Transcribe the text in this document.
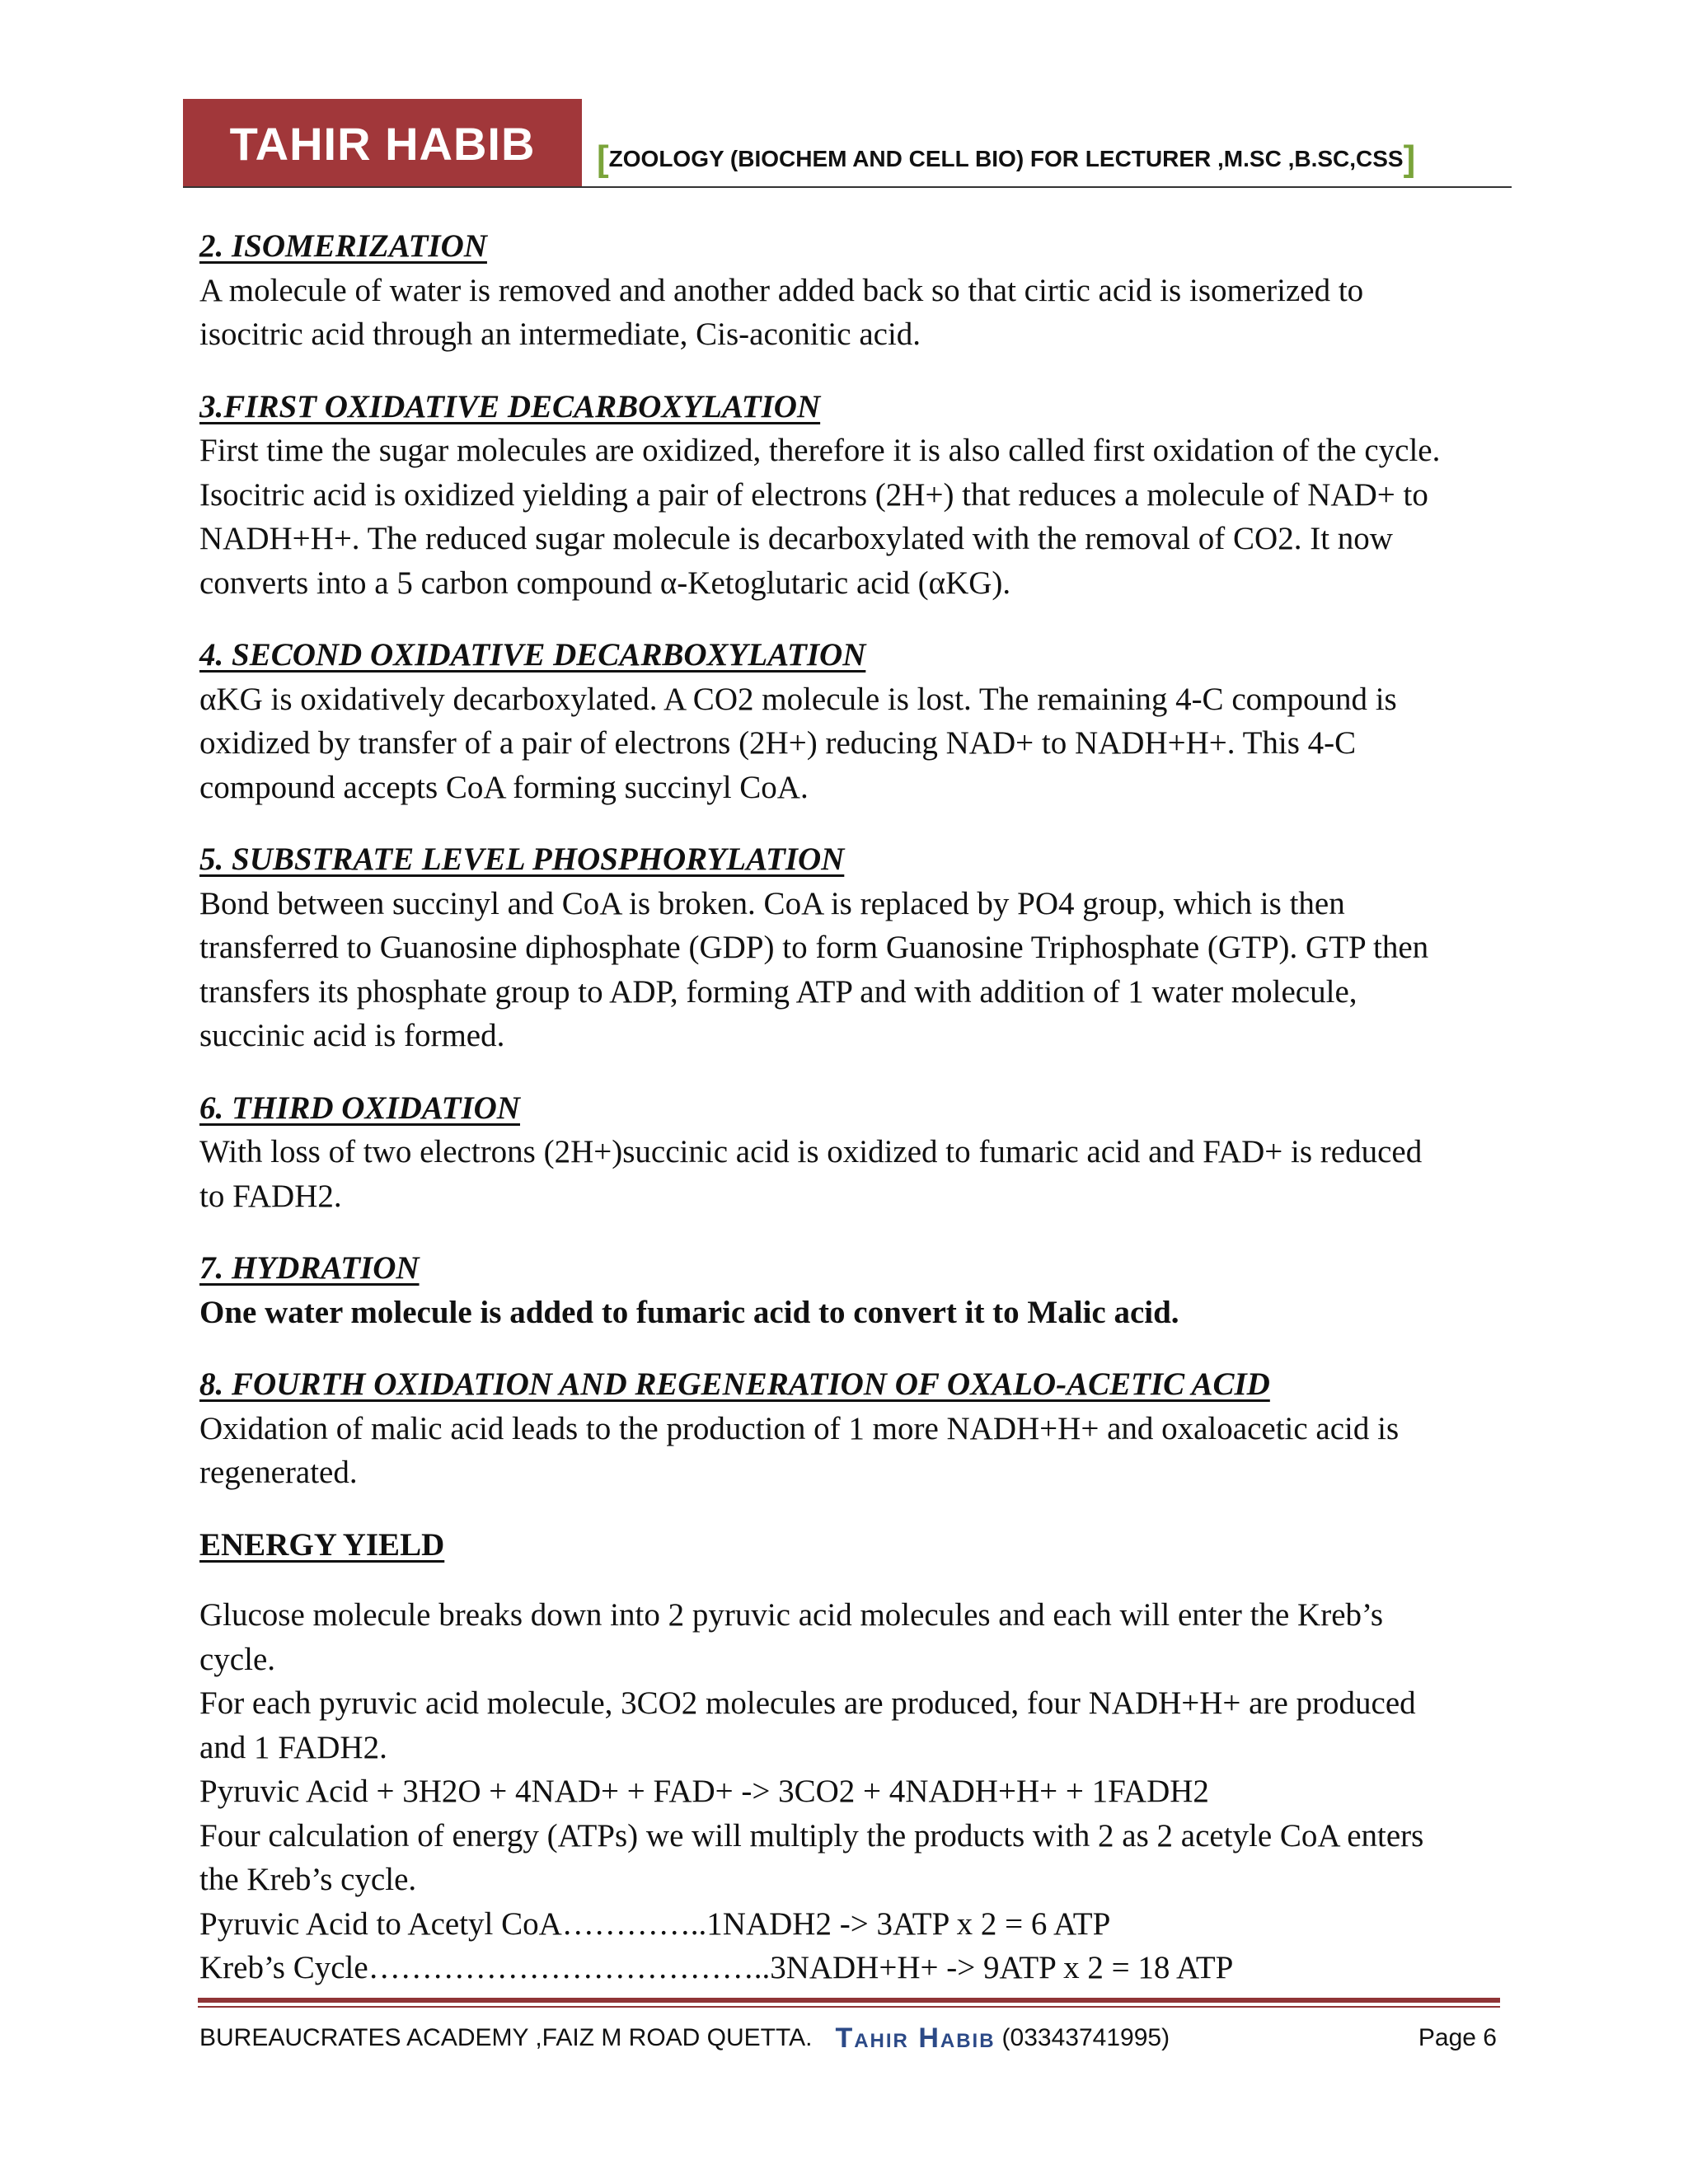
TAHIR HABIB	[ ZOOLOGY (BIOCHEM AND CELL BIO) FOR LECTURER ,M.SC ,B.SC,CSS ]
2. ISOMERIZATION
A molecule of water is removed and another added back so that cirtic acid is isomerized to
isocitric acid through an intermediate, Cis-aconitic acid.
3.FIRST OXIDATIVE DECARBOXYLATION
First time the sugar molecules are oxidized, therefore it is also called first oxidation of the cycle.
Isocitric acid is oxidized yielding a pair of electrons (2H+) that reduces a molecule of NAD+ to
NADH+H+. The reduced sugar molecule is decarboxylated with the removal of CO2. It now
converts into a 5 carbon compound α-Ketoglutaric acid (αKG).
4. SECOND OXIDATIVE DECARBOXYLATION
αKG is oxidatively decarboxylated. A CO2 molecule is lost. The remaining 4-C compound is
oxidized by transfer of a pair of electrons (2H+) reducing NAD+ to NADH+H+. This 4-C
compound accepts CoA forming succinyl CoA.
5. SUBSTRATE LEVEL PHOSPHORYLATION
Bond between succinyl and CoA is broken. CoA is replaced by PO4 group, which is then
transferred to Guanosine diphosphate (GDP) to form Guanosine Triphosphate (GTP). GTP then
transfers its phosphate group to ADP, forming ATP and with addition of 1 water molecule,
succinic acid is formed.
6. THIRD OXIDATION
With loss of two electrons (2H+)succinic acid is oxidized to fumaric acid and FAD+ is reduced
to FADH2.
7. HYDRATION
One water molecule is added to fumaric acid to convert it to Malic acid.
8. FOURTH OXIDATION AND REGENERATION OF OXALO-ACETIC ACID
Oxidation of malic acid leads to the production of 1 more NADH+H+ and oxaloacetic acid is
regenerated.
ENERGY YIELD
Glucose molecule breaks down into 2 pyruvic acid molecules and each will enter the Kreb’s
cycle.
For each pyruvic acid molecule, 3CO2 molecules are produced, four NADH+H+ are produced
and 1 FADH2.
Pyruvic Acid + 3H2O + 4NAD+ + FAD+ -> 3CO2 + 4NADH+H+ + 1FADH2
Four calculation of energy (ATPs) we will multiply the products with 2 as 2 acetyle CoA enters
the Kreb’s cycle.
Pyruvic Acid to Acetyl CoA…………..1NADH2 -> 3ATP x 2 = 6 ATP
Kreb’s Cycle………………………………..3NADH+H+ -> 9ATP x 2 = 18 ATP
BUREAUCRATES ACADEMY ,FAIZ M ROAD QUETTA. Tahir Habib (03343741995)	Page 6
